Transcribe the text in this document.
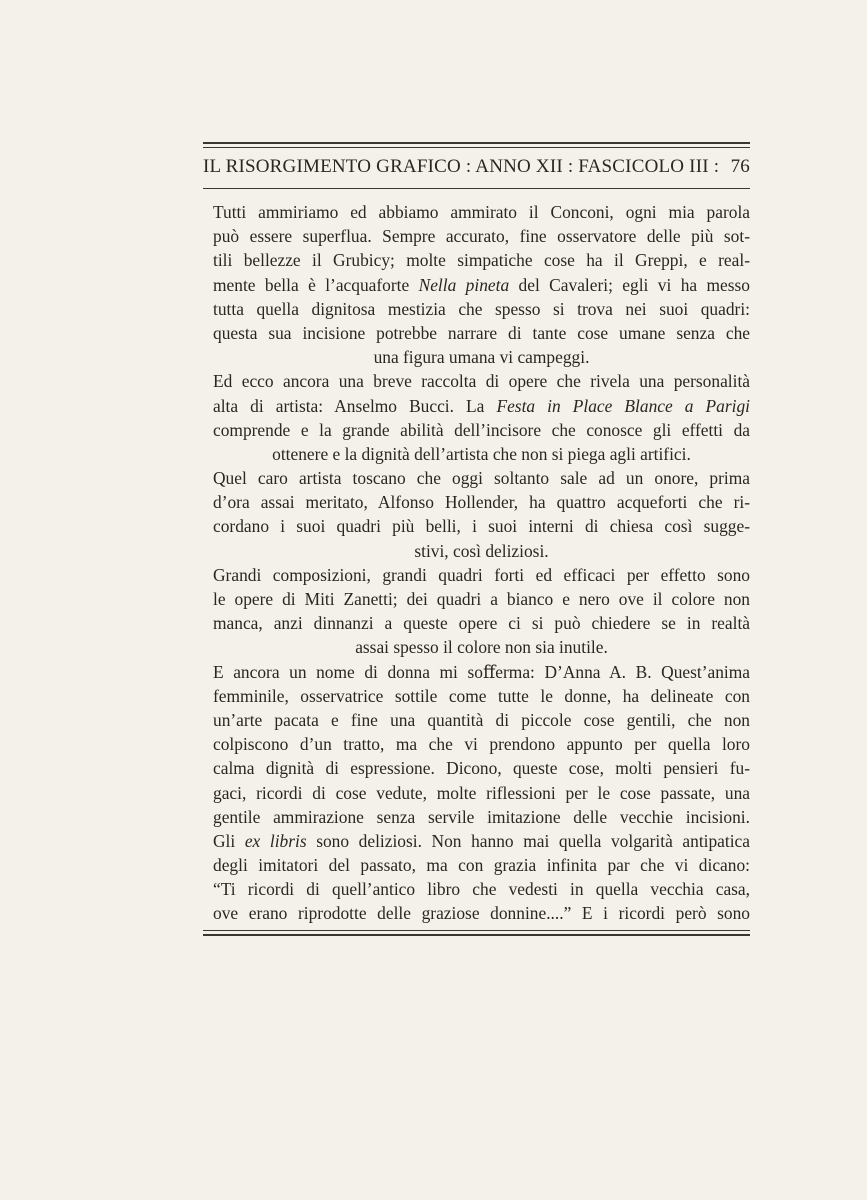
IL RISORGIMENTO GRAFICO : ANNO XII : FASCICOLO III : 76
Tutti ammiriamo ed abbiamo ammirato il Conconi, ogni mia parola
può essere superflua. Sempre accurato, fine osservatore delle più sot-
tili bellezze il Grubicy; molte simpatiche cose ha il Greppi, e real-
mente bella è l’acquaforte Nella pineta del Cavaleri; egli vi ha messo
tutta quella dignitosa mestizia che spesso si trova nei suoi quadri:
questa sua incisione potrebbe narrare di tante cose umane senza che
una figura umana vi campeggi.
Ed ecco ancora una breve raccolta di opere che rivela una personalità
alta di artista: Anselmo Bucci. La Festa in Place Blance a Parigi
comprende e la grande abilità dell’incisore che conosce gli effetti da
ottenere e la dignità dell’artista che non si piega agli artifici.
Quel caro artista toscano che oggi soltanto sale ad un onore, prima
d’ora assai meritato, Alfonso Hollender, ha quattro acqueforti che ri-
cordano i suoi quadri più belli, i suoi interni di chiesa così sugge-
stivi, così deliziosi.
Grandi composizioni, grandi quadri forti ed efficaci per effetto sono
le opere di Miti Zanetti; dei quadri a bianco e nero ove il colore non
manca, anzi dinnanzi a queste opere ci si può chiedere se in realtà
assai spesso il colore non sia inutile.
E ancora un nome di donna mi soﬀerma: D’Anna A. B. Quest’anima
femminile, osservatrice sottile come tutte le donne, ha delineate con
un’arte pacata e fine una quantità di piccole cose gentili, che non
colpiscono d’un tratto, ma che vi prendono appunto per quella loro
calma dignità di espressione. Dicono, queste cose, molti pensieri fu-
gaci, ricordi di cose vedute, molte riflessioni per le cose passate, una
gentile ammirazione senza servile imitazione delle vecchie incisioni.
Gli ex libris sono deliziosi. Non hanno mai quella volgarità antipatica
degli imitatori del passato, ma con grazia infinita par che vi dicano:
“Ti ricordi di quell’antico libro che vedesti in quella vecchia casa,
ove erano riprodotte delle graziose donnine....” E i ricordi però sono
